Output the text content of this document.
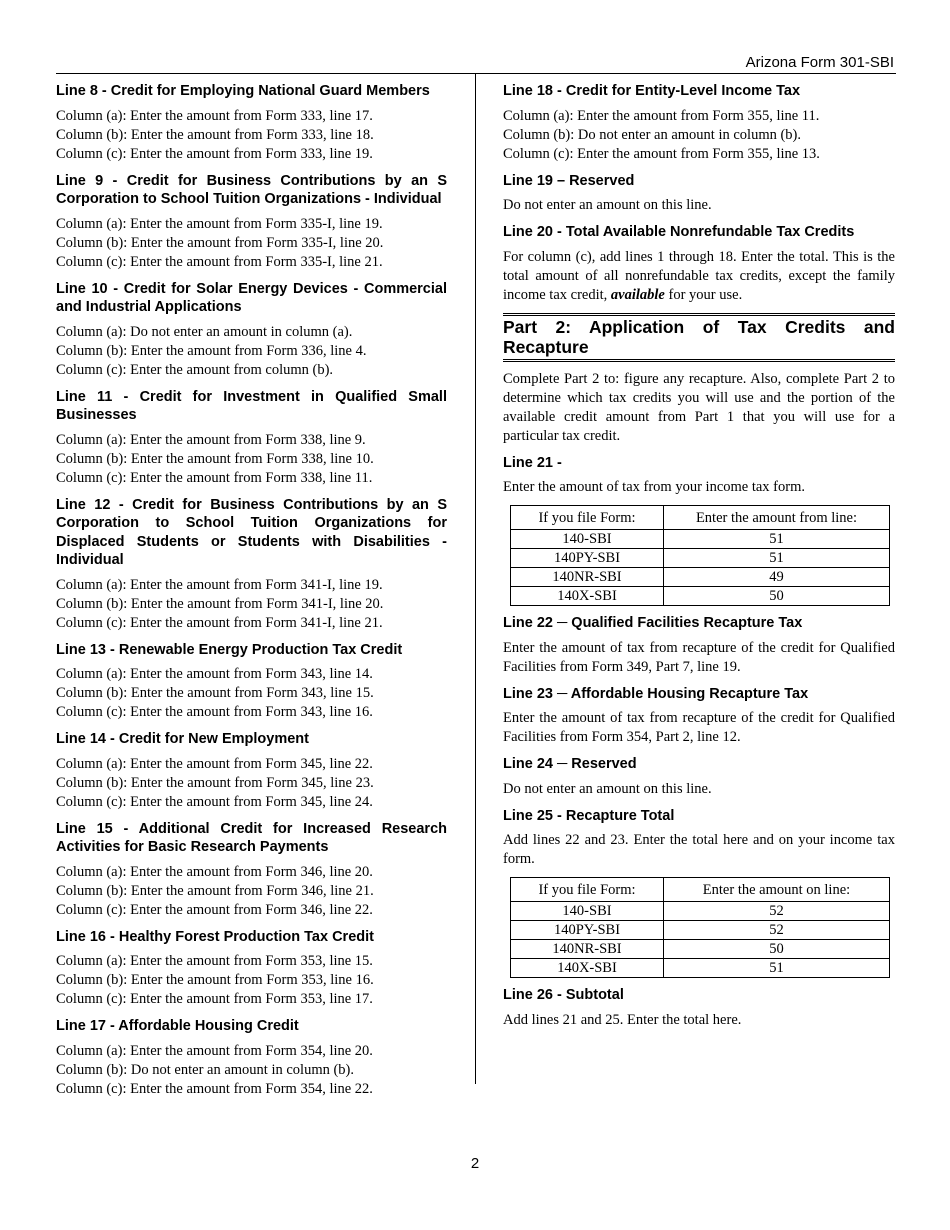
Arizona Form 301-SBI
Line 8 - Credit for Employing National Guard Members

Column (a): Enter the amount from Form 333, line 17.

Column (b): Enter the amount from Form 333, line 18.

Column (c): Enter the amount from Form 333, line 19.

Line 9 - Credit for Business Contributions by an S Corporation to School Tuition Organizations - Individual

Column (a): Enter the amount from Form 335-I, line 19.

Column (b): Enter the amount from Form 335-I, line 20.

Column (c): Enter the amount from Form 335-I, line 21.

Line 10 - Credit for Solar Energy Devices - Commercial and Industrial Applications

Column (a): Do not enter an amount in column (a).

Column (b): Enter the amount from Form 336, line 4.

Column (c): Enter the amount from column (b).

Line 11 - Credit for Investment in Qualified Small Businesses

Column (a): Enter the amount from Form 338, line 9.

Column (b): Enter the amount from Form 338, line 10.

Column (c): Enter the amount from Form 338, line 11.

Line 12 - Credit for Business Contributions by an S Corporation to School Tuition Organizations for Displaced Students or Students with Disabilities - Individual

Column (a): Enter the amount from Form 341-I, line 19.

Column (b): Enter the amount from Form 341-I, line 20.

Column (c): Enter the amount from Form 341-I, line 21.

Line 13 - Renewable Energy Production Tax Credit

Column (a): Enter the amount from Form 343, line 14.

Column (b): Enter the amount from Form 343, line 15.

Column (c): Enter the amount from Form 343, line 16.

Line 14 - Credit for New Employment

Column (a): Enter the amount from Form 345, line 22.

Column (b): Enter the amount from Form 345, line 23.

Column (c): Enter the amount from Form 345, line 24.

Line 15 - Additional Credit for Increased Research Activities for Basic Research Payments

Column (a): Enter the amount from Form 346, line 20.

Column (b): Enter the amount from Form 346, line 21.

Column (c): Enter the amount from Form 346, line 22.

Line 16 - Healthy Forest Production Tax Credit

Column (a): Enter the amount from Form 353, line 15.

Column (b): Enter the amount from Form 353, line 16.

Column (c): Enter the amount from Form 353, line 17.

Line 17 - Affordable Housing Credit

Column (a): Enter the amount from Form 354, line 20.

Column (b): Do not enter an amount in column (b).

Column (c): Enter the amount from Form 354, line 22.

Line 18 - Credit for Entity-Level Income Tax

Column (a): Enter the amount from Form 355, line 11.

Column (b): Do not enter an amount in column (b).

Column (c): Enter the amount from Form 355, line 13.

Line 19 – Reserved

Do not enter an amount on this line.

Line 20 - Total Available Nonrefundable Tax Credits

For column (c), add lines 1 through 18. Enter the total. This is the total amount of all nonrefundable tax credits, except the family income tax credit, available for your use.

Part 2: Application of Tax Credits and Recapture

Complete Part 2 to: figure any recapture. Also, complete Part 2 to determine which tax credits you will use and the portion of the available credit amount from Part 1 that you will use for a particular tax credit.

Line 21 -

Enter the amount of tax from your income tax form.

If you file Form:	Enter the amount from line:
140-SBI	51
140PY-SBI	51
140NR-SBI	49
140X-SBI	50
Line 22 ─ Qualified Facilities Recapture Tax

Enter the amount of tax from recapture of the credit for Qualified Facilities from Form 349, Part 7, line 19.

Line 23 ─ Affordable Housing Recapture Tax

Enter the amount of tax from recapture of the credit for Qualified Facilities from Form 354, Part 2, line 12.

Line 24 ─ Reserved

Do not enter an amount on this line.

Line 25 - Recapture Total

Add lines 22 and 23. Enter the total here and on your income tax form.

If you file Form:	Enter the amount on line:
140-SBI	52
140PY-SBI	52
140NR-SBI	50
140X-SBI	51
Line 26 - Subtotal

Add lines 21 and 25. Enter the total here.

2
